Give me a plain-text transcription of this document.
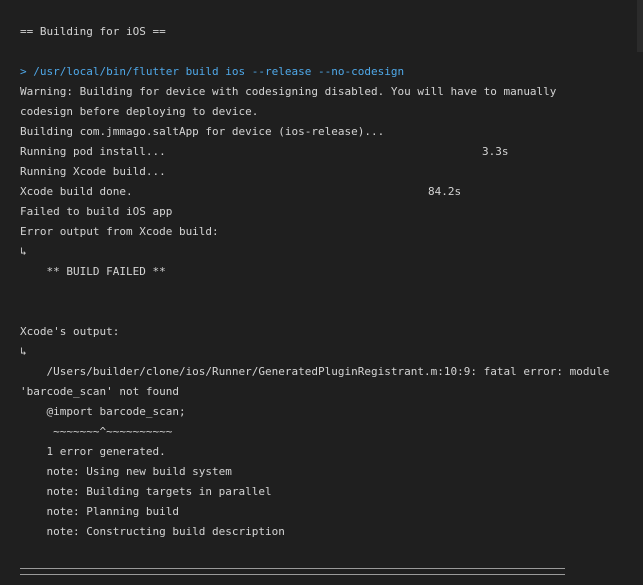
== Building for iOS ==
> /usr/local/bin/flutter build ios --release --no-codesign
Warning: Building for device with codesigning disabled. You will have to manually
codesign before deploying to device.
Building com.jmmago.saltApp for device (ios-release)...
Running pod install...	3.3s
Running Xcode build...
Xcode build done.	84.2s
Failed to build iOS app
Error output from Xcode build:
↳
** BUILD FAILED **
Xcode's output:
↳
/Users/builder/clone/ios/Runner/GeneratedPluginRegistrant.m:10:9: fatal error: module
'barcode_scan' not found
@import barcode_scan;
~~~~~~~^~~~~~~~~~~
1 error generated.
note: Using new build system
note: Building targets in parallel
note: Planning build
note: Constructing build description
